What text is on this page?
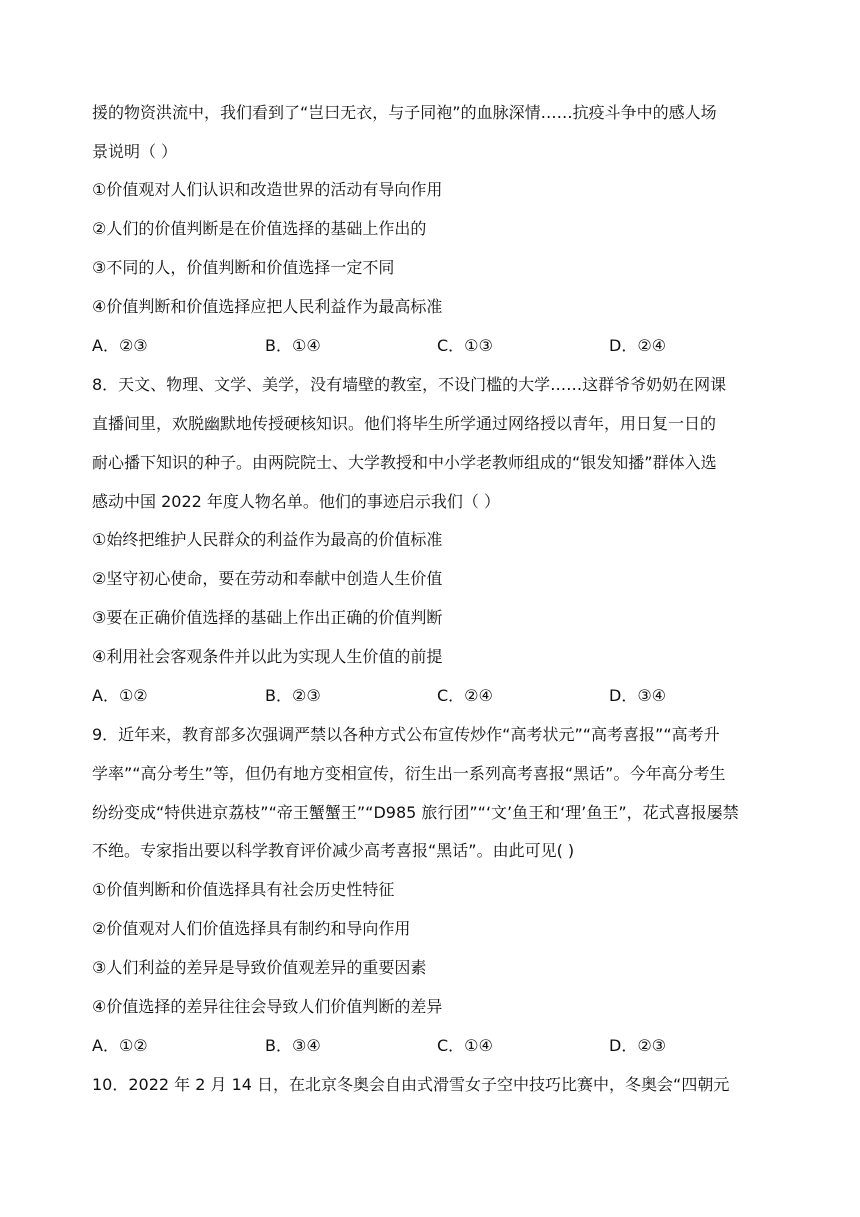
援的物资洪流中，我们看到了“岂曰无衣，与子同袍”的血脉深情……抗疫斗争中的感人场
景说明（ ）
①价值观对人们认识和改造世界的活动有导向作用
②人们的价值判断是在价值选择的基础上作出的
③不同的人，价值判断和价值选择一定不同
④价值判断和价值选择应把人民利益作为最高标准
A．②③	B．①④	C．①③	D．②④
8．天文、物理、文学、美学，没有墙壁的教室，不设门槛的大学……这群爷爷奶奶在网课
直播间里，欢脱幽默地传授硬核知识。他们将毕生所学通过网络授以青年，用日复一日的
耐心播下知识的种子。由两院院士、大学教授和中小学老教师组成的“银发知播”群体入选
感动中国 2022 年度人物名单。他们的事迹启示我们（ ）
①始终把维护人民群众的利益作为最高的价值标准
②坚守初心使命，要在劳动和奉献中创造人生价值
③要在正确价值选择的基础上作出正确的价值判断
④利用社会客观条件并以此为实现人生价值的前提
A．①②	B．②③	C．②④	D．③④
9．近年来，教育部多次强调严禁以各种方式公布宣传炒作“高考状元”“高考喜报”“高考升
学率”“高分考生”等，但仍有地方变相宣传，衍生出一系列高考喜报“黑话”。今年高分考生
纷纷变成“特供进京荔枝”“帝王蟹蟹王”“D985 旅行团”“‘文’鱼王和‘理’鱼王”，花式喜报屡禁
不绝。专家指出要以科学教育评价减少高考喜报“黑话”。由此可见( )
①价值判断和价值选择具有社会历史性特征
②价值观对人们价值选择具有制约和导向作用
③人们利益的差异是导致价值观差异的重要因素
④价值选择的差异往往会导致人们价值判断的差异
A．①②	B．③④	C．①④	D．②③
10．2022 年 2 月 14 日，在北京冬奥会自由式滑雪女子空中技巧比赛中，冬奥会“四朝元
